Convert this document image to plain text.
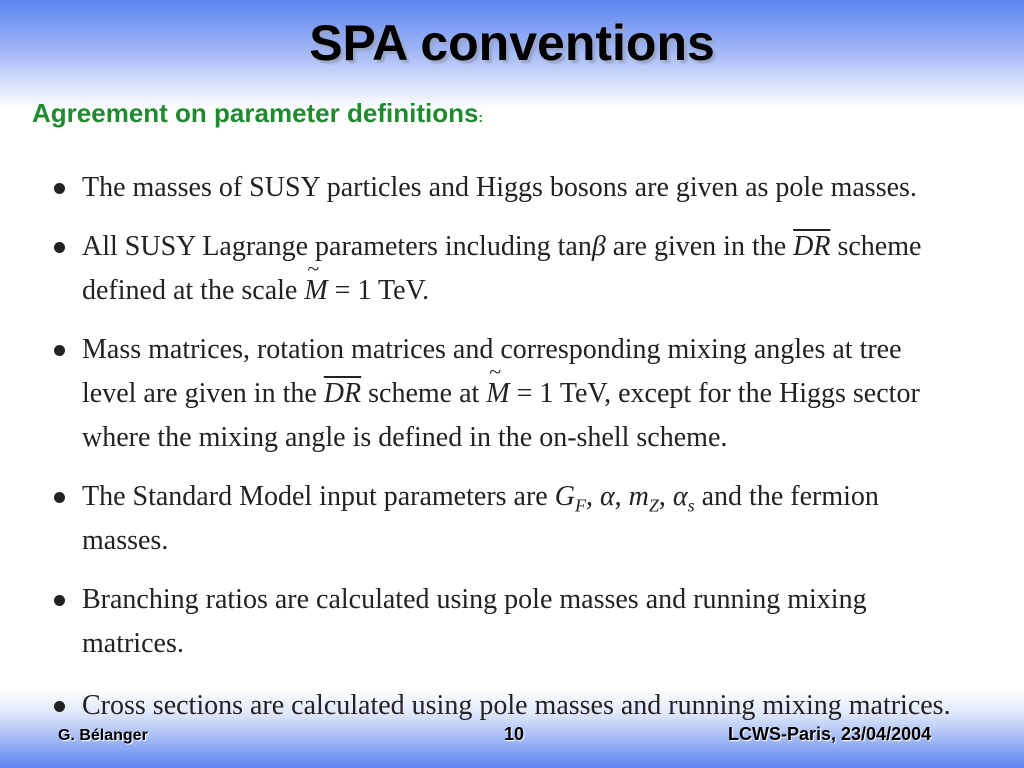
SPA conventions
Agreement on parameter definitions:
The masses of SUSY particles and Higgs bosons are given as pole masses.
All SUSY Lagrange parameters including tanβ are given in the $\overline{DR}$ scheme defined at the scale ~ M = 1 TeV.
Mass matrices, rotation matrices and corresponding mixing angles at tree level are given in the $\overline{DR}$ scheme at ~ M = 1 TeV, except for the Higgs sector where the mixing angle is defined in the on-shell scheme.
The Standard Model input parameters are $G_F$, α, $m_Z$, $\alpha_s$ and the fermion masses.
Branching ratios are calculated using pole masses and running mixing matrices.
Cross sections are calculated using pole masses and running mixing matrices.
G. Bélanger	10	LCWS-Paris, 23/04/2004
